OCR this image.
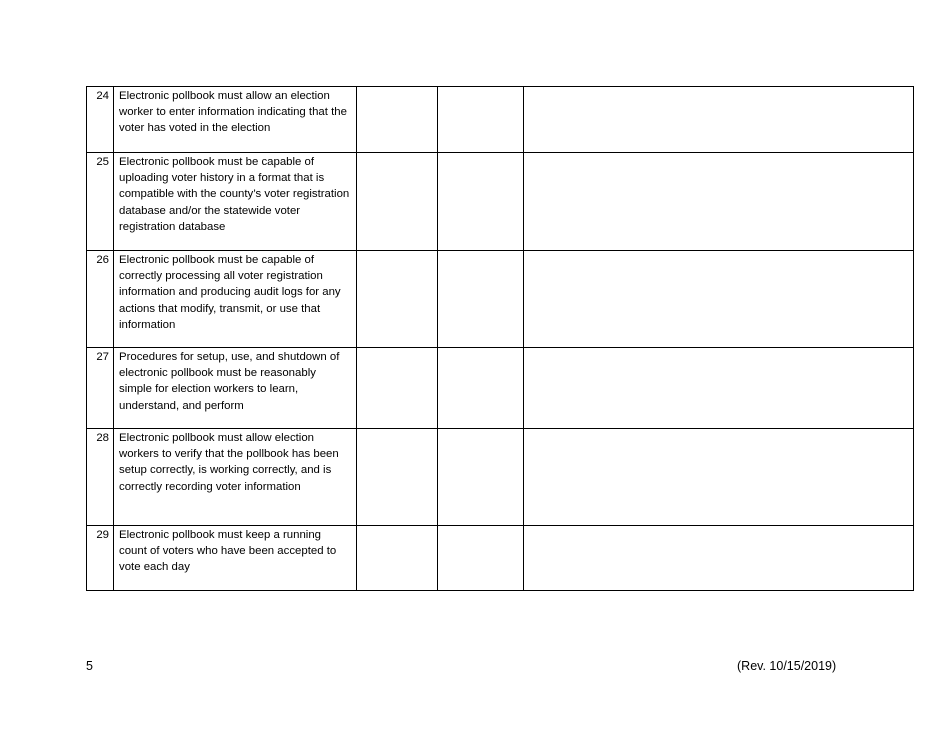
24	Electronic pollbook must allow an election worker to enter information indicating that the voter has voted in the election			
25	Electronic pollbook must be capable of uploading voter history in a format that is compatible with the county’s voter registration database and/or the statewide voter registration database			
26	Electronic pollbook must be capable of correctly processing all voter registration information and producing audit logs for any actions that modify, transmit, or use that information			
27	Procedures for setup, use, and shutdown of electronic pollbook must be reasonably simple for election workers to learn, understand, and perform			
28	Electronic pollbook must allow election workers to verify that the pollbook has been setup correctly, is working correctly, and is correctly recording voter information			
29	Electronic pollbook must keep a running count of voters who have been accepted to vote each day			
5	(Rev. 10/15/2019)
